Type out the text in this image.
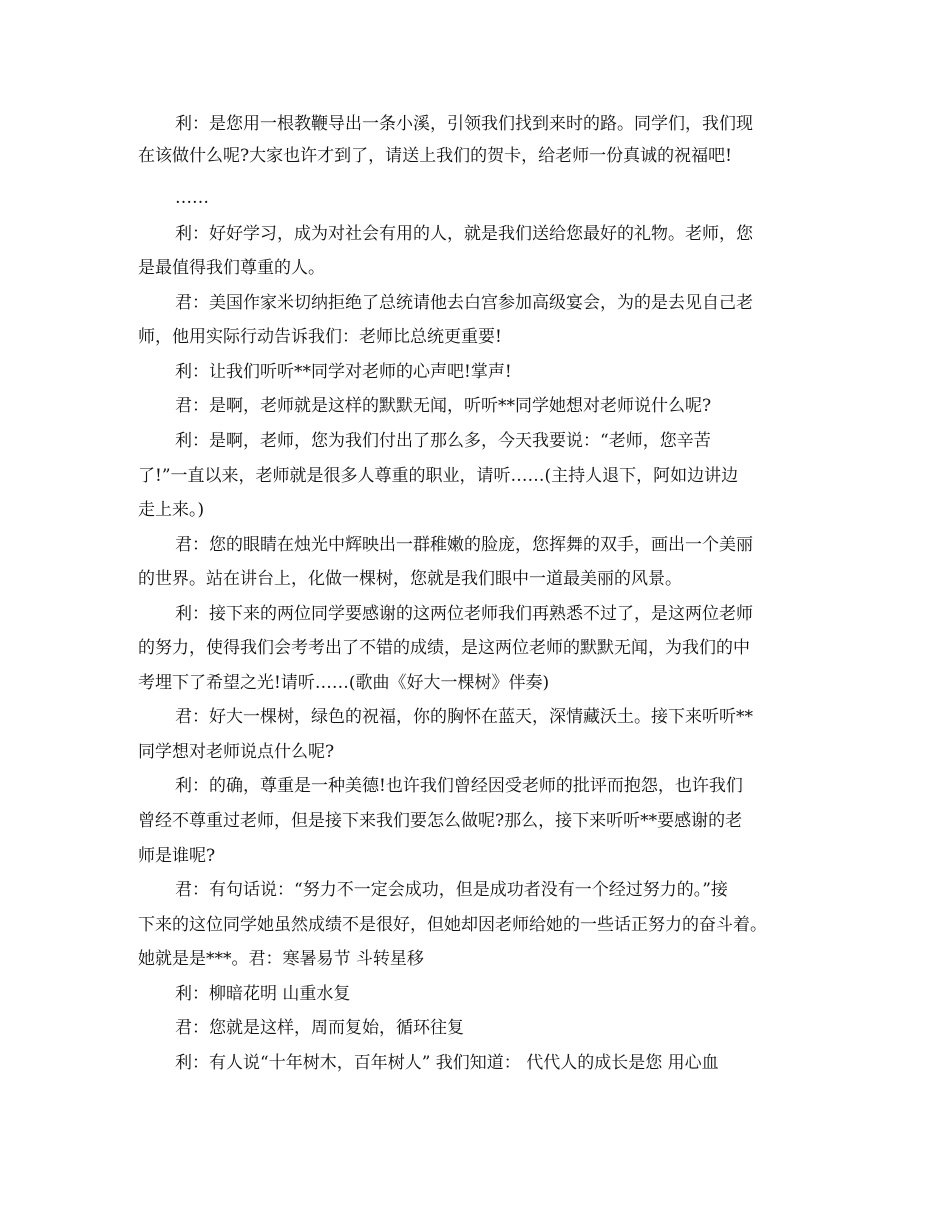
利：是您用一根教鞭导出一条小溪，引领我们找到来时的路。同学们，我们现
在该做什么呢?大家也许才到了，请送上我们的贺卡，给老师一份真诚的祝福吧!
……
利：好好学习，成为对社会有用的人，就是我们送给您最好的礼物。老师，您
是最值得我们尊重的人。
君：美国作家米切纳拒绝了总统请他去白宫参加高级宴会，为的是去见自己老
师，他用实际行动告诉我们：老师比总统更重要!
利：让我们听听**同学对老师的心声吧!掌声!
君：是啊，老师就是这样的默默无闻，听听**同学她想对老师说什么呢?
利：是啊，老师，您为我们付出了那么多，今天我要说：“老师，您辛苦
了!”一直以来，老师就是很多人尊重的职业，请听……(主持人退下，阿如边讲边
走上来。)
君：您的眼睛在烛光中辉映出一群稚嫩的脸庞，您挥舞的双手，画出一个美丽
的世界。站在讲台上，化做一棵树，您就是我们眼中一道最美丽的风景。
利：接下来的两位同学要感谢的这两位老师我们再熟悉不过了，是这两位老师
的努力，使得我们会考考出了不错的成绩，是这两位老师的默默无闻，为我们的中
考埋下了希望之光!请听……(歌曲《好大一棵树》伴奏)
君：好大一棵树，绿色的祝福，你的胸怀在蓝天，深情藏沃土。接下来听听**
同学想对老师说点什么呢?
利：的确，尊重是一种美德!也许我们曾经因受老师的批评而抱怨，也许我们
曾经不尊重过老师，但是接下来我们要怎么做呢?那么，接下来听听**要感谢的老
师是谁呢?
君：有句话说：“努力不一定会成功，但是成功者没有一个经过努力的。”接
下来的这位同学她虽然成绩不是很好，但她却因老师给她的一些话正努力的奋斗着。
她就是是***。君：寒暑易节 斗转星移
利：柳暗花明 山重水复
君：您就是这样，周而复始，循环往复
利：有人说“十年树木，百年树人” 我们知道： 代代人的成长是您 用心血
